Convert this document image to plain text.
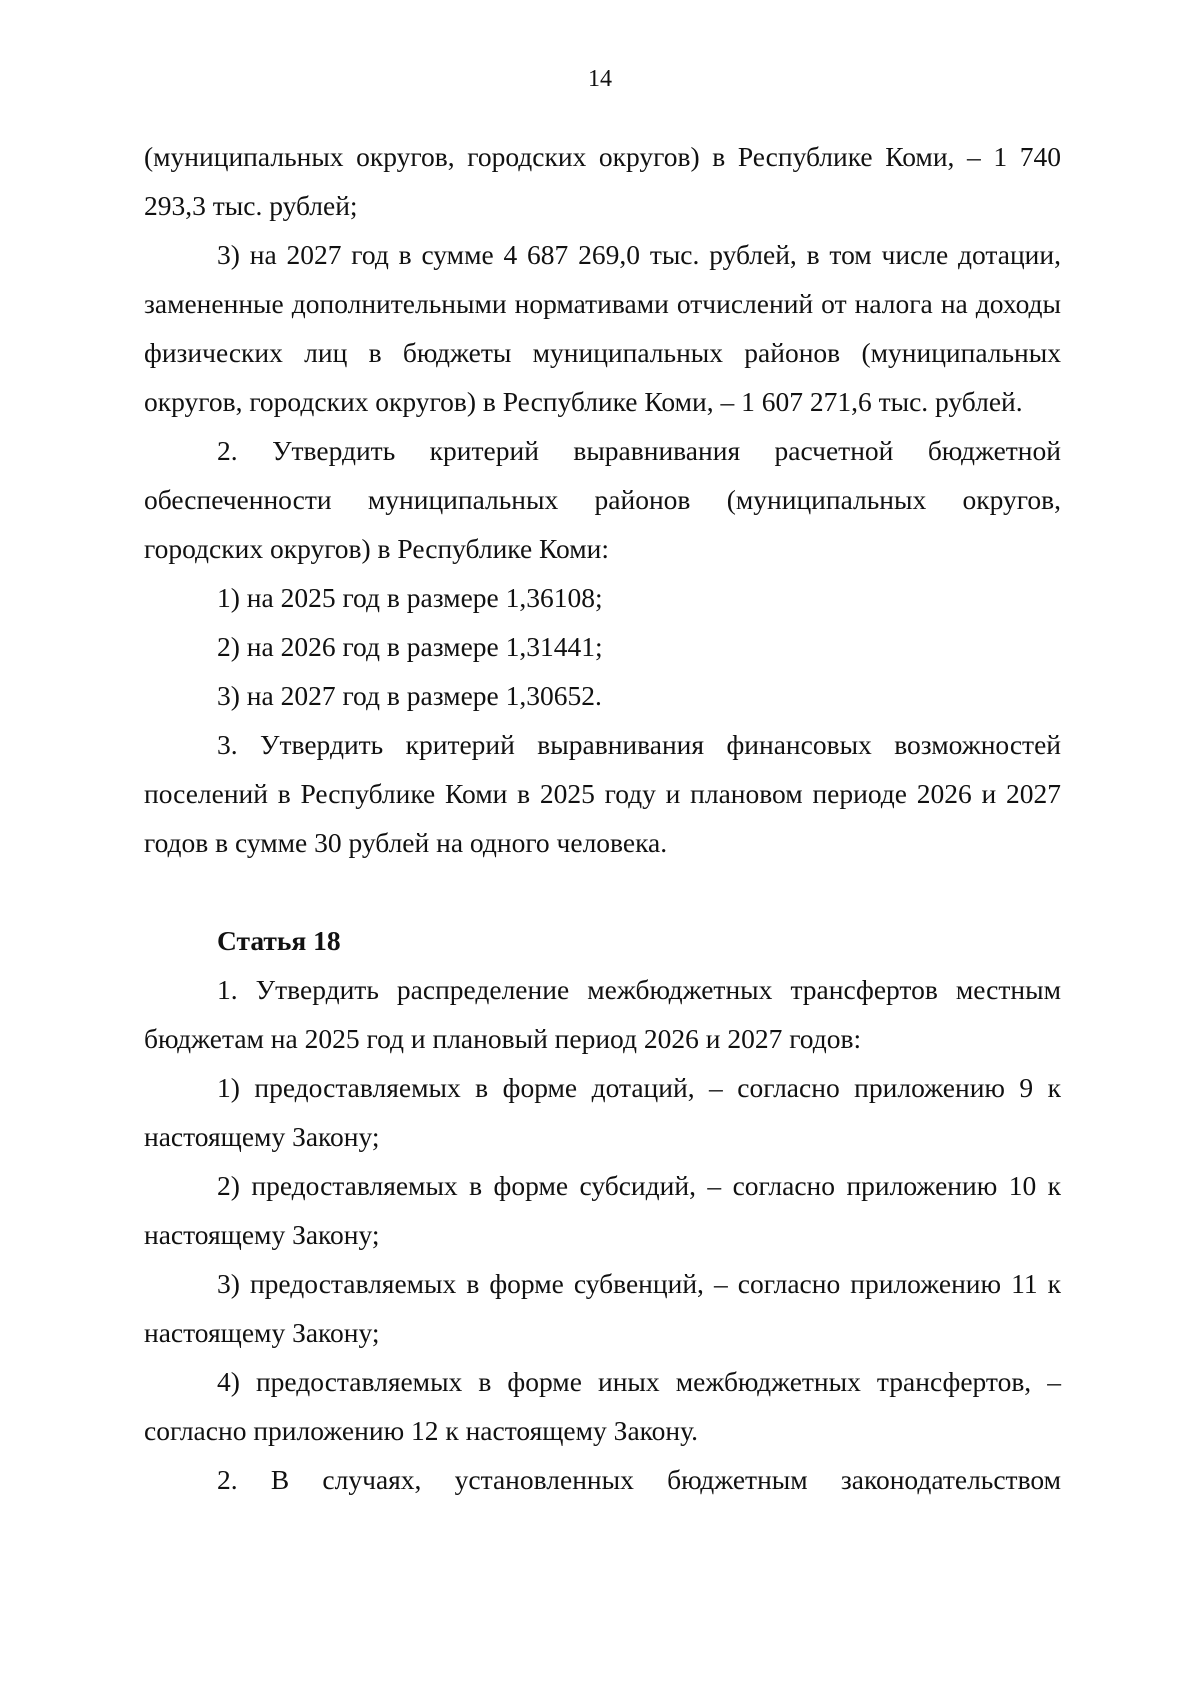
14

(муниципальных округов, городских округов) в Республике Коми, – 1 740 293,3 тыс. рублей;

3) на 2027 год в сумме 4 687 269,0 тыс. рублей, в том числе дотации, замененные дополнительными нормативами отчислений от налога на доходы физических лиц в бюджеты муниципальных районов (муниципальных округов, городских округов) в Республике Коми, – 1 607 271,6 тыс. рублей.

2. Утвердить критерий выравнивания расчетной бюджетной обеспеченности муниципальных районов (муниципальных округов, городских округов) в Республике Коми:

1) на 2025 год в размере 1,36108;

2) на 2026 год в размере 1,31441;

3) на 2027 год в размере 1,30652.

3. Утвердить критерий выравнивания финансовых возможностей поселений в Республике Коми в 2025 году и плановом периоде 2026 и 2027 годов в сумме 30 рублей на одного человека.

Статья 18

1. Утвердить распределение межбюджетных трансфертов местным бюджетам на 2025 год и плановый период 2026 и 2027 годов:

1) предоставляемых в форме дотаций, – согласно приложению 9 к настоящему Закону;

2) предоставляемых в форме субсидий, – согласно приложению 10 к настоящему Закону;

3) предоставляемых в форме субвенций, – согласно приложению 11 к настоящему Закону;

4) предоставляемых в форме иных межбюджетных трансфертов, – согласно приложению 12 к настоящему Закону.

2. В случаях, установленных бюджетным законодательством
